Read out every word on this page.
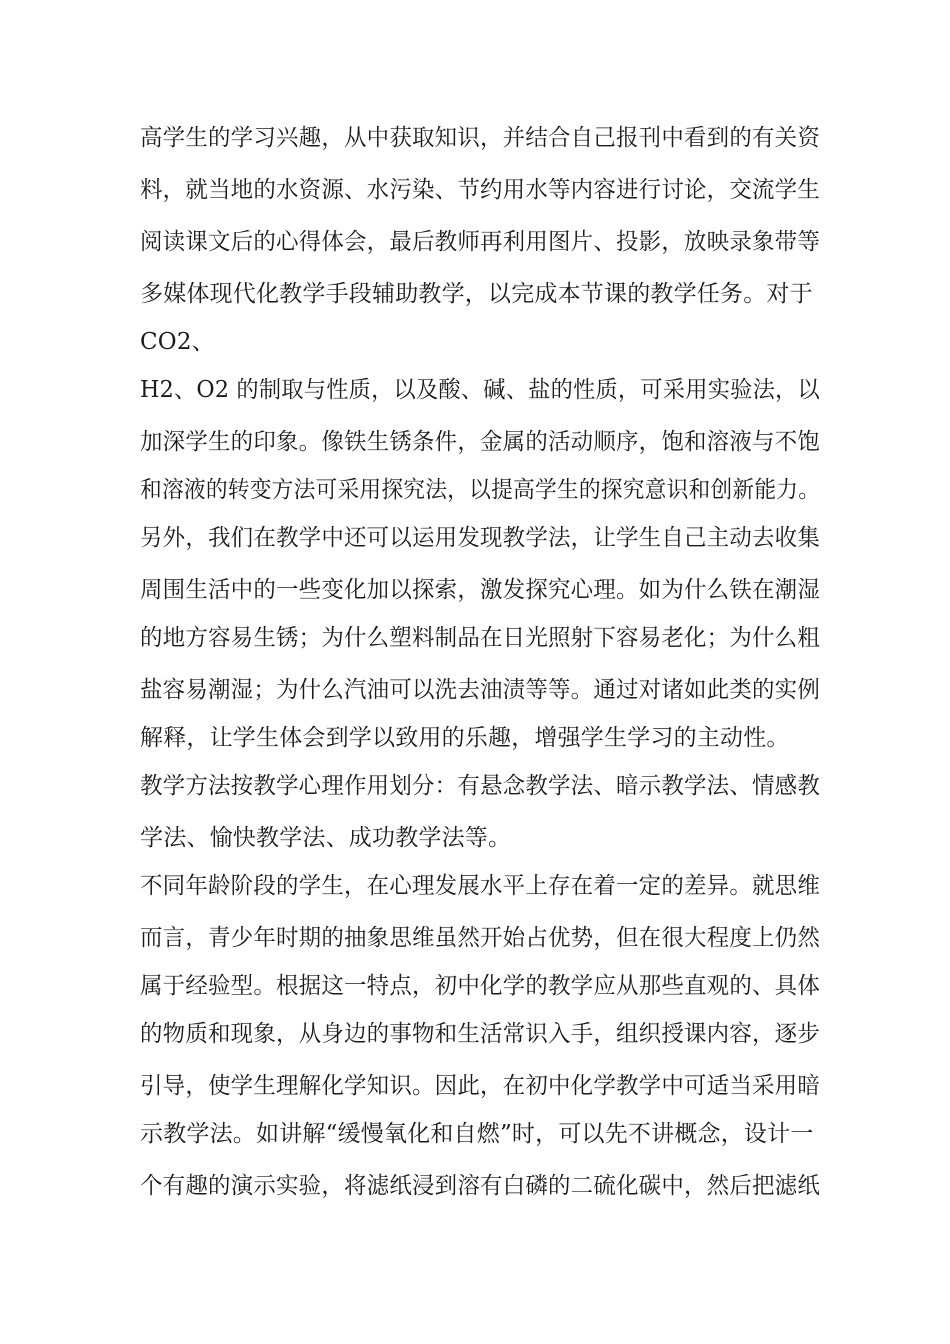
高学生的学习兴趣，从中获取知识，并结合自己报刊中看到的有关资
料，就当地的水资源、水污染、节约用水等内容进行讨论，交流学生
阅读课文后的心得体会，最后教师再利用图片、投影，放映录象带等
多媒体现代化教学手段辅助教学，以完成本节课的教学任务。对于
CO2、
H2、O2 的制取与性质，以及酸、碱、盐的性质，可采用实验法，以
加深学生的印象。像铁生锈条件，金属的活动顺序，饱和溶液与不饱
和溶液的转变方法可采用探究法，以提高学生的探究意识和创新能力。
另外，我们在教学中还可以运用发现教学法，让学生自己主动去收集
周围生活中的一些变化加以探索，激发探究心理。如为什么铁在潮湿
的地方容易生锈；为什么塑料制品在日光照射下容易老化；为什么粗
盐容易潮湿；为什么汽油可以洗去油渍等等。通过对诸如此类的实例
解释，让学生体会到学以致用的乐趣，增强学生学习的主动性。
教学方法按教学心理作用划分：有悬念教学法、暗示教学法、情感教
学法、愉快教学法、成功教学法等。
不同年龄阶段的学生，在心理发展水平上存在着一定的差异。就思维
而言，青少年时期的抽象思维虽然开始占优势，但在很大程度上仍然
属于经验型。根据这一特点，初中化学的教学应从那些直观的、具体
的物质和现象，从身边的事物和生活常识入手，组织授课内容，逐步
引导，使学生理解化学知识。因此，在初中化学教学中可适当采用暗
示教学法。如讲解“缓慢氧化和自燃”时，可以先不讲概念，设计一
个有趣的演示实验，将滤纸浸到溶有白磷的二硫化碳中，然后把滤纸
